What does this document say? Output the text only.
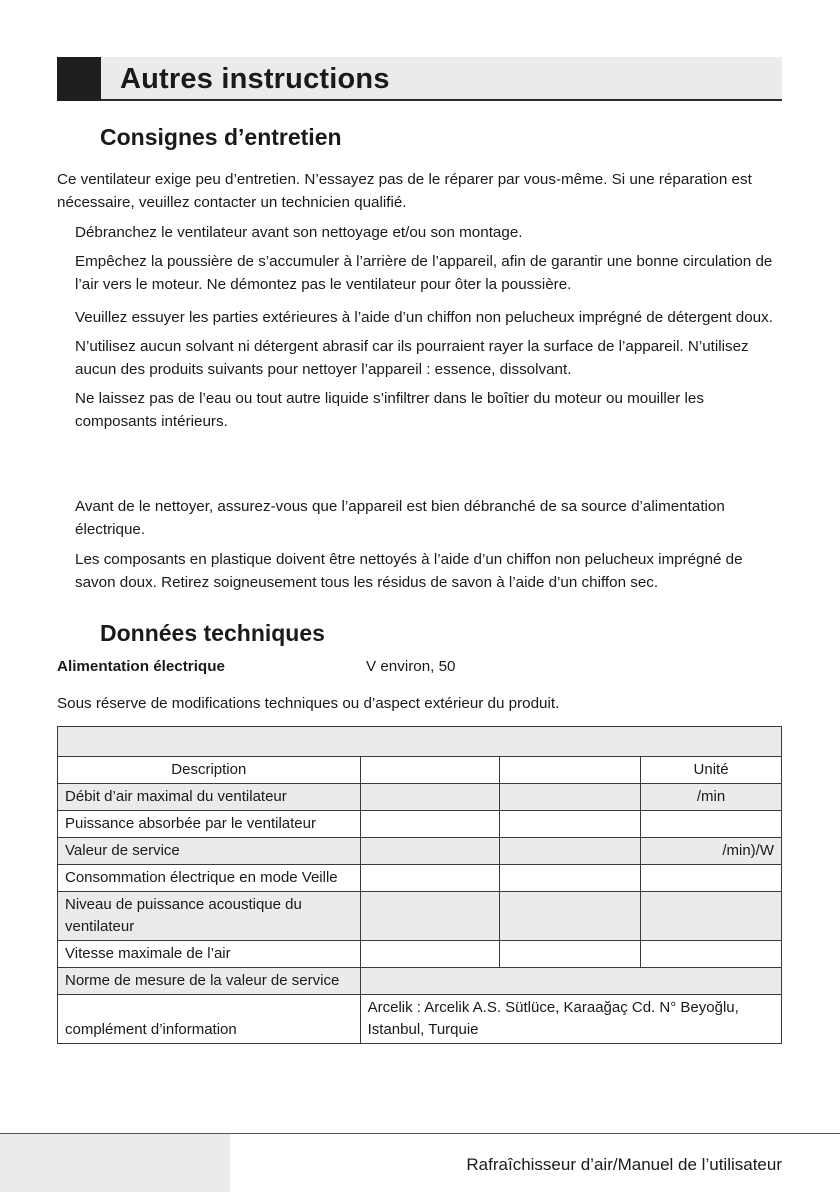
Autres instructions
Consignes d’entretien
Ce ventilateur exige peu d’entretien. N’essayez pas de le réparer par vous-même. Si une réparation est nécessaire, veuillez contacter un technicien qualifié.
Débranchez le ventilateur avant son nettoyage et/ou son montage.
Empêchez la poussière de s’accumuler à l’arrière de l’appareil, afin de garantir une bonne circulation de l’air vers le moteur. Ne démontez pas le ventilateur pour ôter la poussière.
Veuillez essuyer les parties extérieures à l’aide d’un chiffon non pelucheux imprégné de détergent doux.
N’utilisez aucun solvant ni détergent abrasif car ils pourraient rayer la surface de l’appareil. N’utilisez aucun des produits suivants pour nettoyer l’appareil : essence, dissolvant.
Ne laissez pas de l’eau ou tout autre liquide s’infiltrer dans le boîtier du moteur ou mouiller les composants intérieurs.
Avant de le nettoyer, assurez-vous que l’appareil est bien débranché de sa source d’alimentation électrique.
Les composants en plastique doivent être nettoyés à l’aide d’un chiffon non pelucheux imprégné de savon doux. Retirez soigneusement tous les résidus de savon à l’aide d’un chiffon sec.
Données techniques
Alimentation électrique	V environ, 50
Sous réserve de modifications techniques ou d’aspect extérieur du produit.

Description			Unité
Débit d’air maximal du ventilateur			/min
Puissance absorbée par le ventilateur			
Valeur de service			/min)/W
Consommation électrique en mode Veille			
Niveau de puissance acoustique du ventilateur			
Vitesse maximale de l’air			
Norme de mesure de la valeur de service			
complément d’information	Arcelik : Arcelik A.S. Sütlüce, Karaağaç Cd. N° Beyoğlu, Istanbul, Turquie		
Rafraîchisseur d’air/Manuel de l’utilisateur
